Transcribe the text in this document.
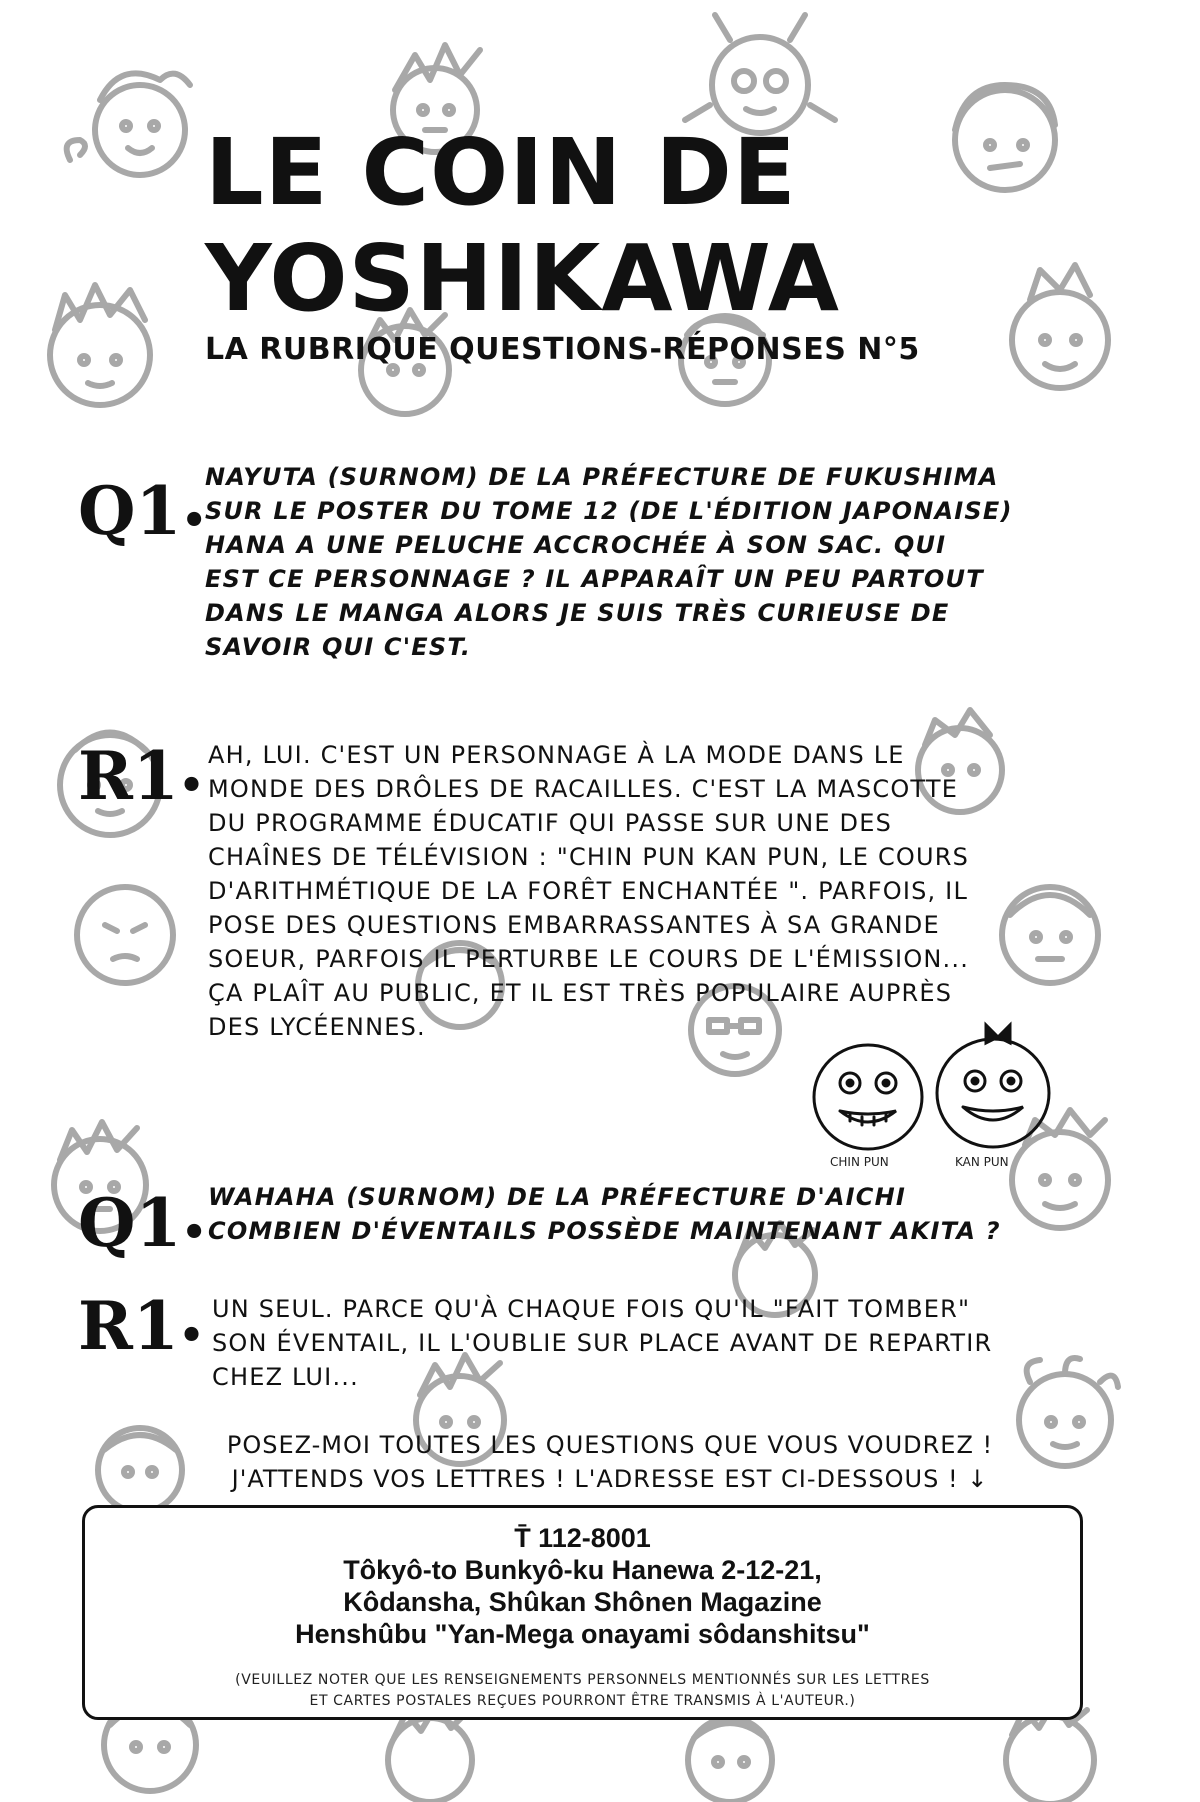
LE COIN DE
YOSHIKAWA
LA RUBRIQUE QUESTIONS-RÉPONSES N°5
Q1•
NAYUTA (SURNOM) DE LA PRÉFECTURE DE FUKUSHIMA
SUR LE POSTER DU TOME 12 (DE L'ÉDITION JAPONAISE)
HANA A UNE PELUCHE ACCROCHÉE À SON SAC. QUI
EST CE PERSONNAGE ? IL APPARAÎT UN PEU PARTOUT
DANS LE MANGA ALORS JE SUIS TRÈS CURIEUSE DE
SAVOIR QUI C'EST.
R1•
AH, LUI. C'EST UN PERSONNAGE À LA MODE DANS LE
MONDE DES DRÔLES DE RACAILLES. C'EST LA MASCOTTE
DU PROGRAMME ÉDUCATIF QUI PASSE SUR UNE DES
CHAÎNES DE TÉLÉVISION : "CHIN PUN KAN PUN, LE COURS
D'ARITHMÉTIQUE DE LA FORÊT ENCHANTÉE ". PARFOIS, IL
POSE DES QUESTIONS EMBARRASSANTES À SA GRANDE
SOEUR, PARFOIS IL PERTURBE LE COURS DE L'ÉMISSION...
ÇA PLAÎT AU PUBLIC, ET IL EST TRÈS POPULAIRE AUPRÈS
DES LYCÉENNES.
CHIN PUN	KAN PUN
Q1•
WAHAHA (SURNOM) DE LA PRÉFECTURE D'AICHI
COMBIEN D'ÉVENTAILS POSSÈDE MAINTENANT AKITA ?
R1•
UN SEUL. PARCE QU'À CHAQUE FOIS QU'IL "FAIT TOMBER"
SON ÉVENTAIL, IL L'OUBLIE SUR PLACE AVANT DE REPARTIR
CHEZ LUI...
POSEZ-MOI TOUTES LES QUESTIONS QUE VOUS VOUDREZ !
J'ATTENDS VOS LETTRES ! L'ADRESSE EST CI-DESSOUS ! ↓
T̄ 112-8001
Tôkyô-to Bunkyô-ku Hanewa 2-12-21,
Kôdansha, Shûkan Shônen Magazine
Henshûbu "Yan-Mega onayami sôdanshitsu"
(VEUILLEZ NOTER QUE LES RENSEIGNEMENTS PERSONNELS MENTIONNÉS SUR LES LETTRES
ET CARTES POSTALES REÇUES POURRONT ÊTRE TRANSMIS À L'AUTEUR.)
